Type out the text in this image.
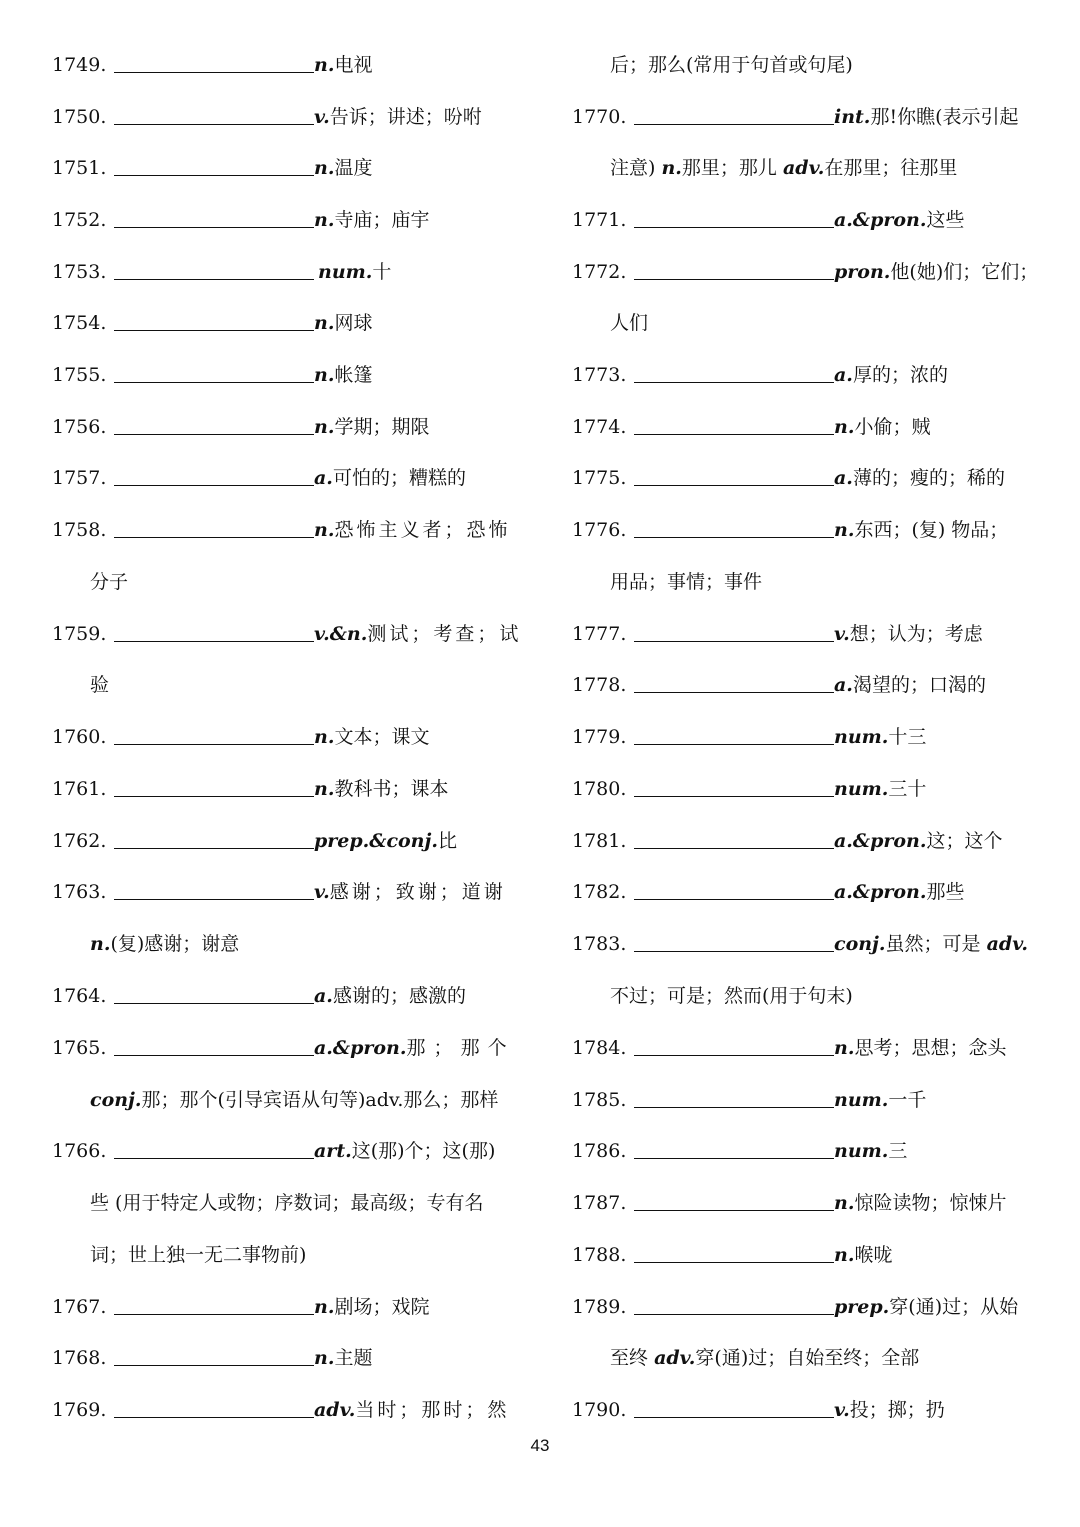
1749.	n.电视
1750.	v.告诉；讲述；吩咐
1751.	n.温度
1752.	n.寺庙；庙宇
1753.	num.十
1754.	n.网球
1755.	n.帐篷
1756.	n.学期；期限
1757.	a.可怕的；糟糕的
1758.	n.恐怖主义者；恐怖
分子
1759.	v.&n.测试；考查；试
验
1760.	n.文本；课文
1761.	n.教科书；课本
1762.	prep.&conj.比
1763.	v.感谢；致谢；道谢
n.(复)感谢；谢意
1764.	a.感谢的；感激的
1765.	a.&pron.那 ； 那 个
conj.那；那个(引导宾语从句等)adv.那么；那样
1766.	art.这(那)个；这(那)
些 (用于特定人或物；序数词；最高级；专有名
词；世上独一无二事物前)
1767.	n.剧场；戏院
1768.	n.主题
1769.	adv.当时；那时；然
后；那么(常用于句首或句尾)
1770.	int.那!你瞧(表示引起
注意) n.那里；那儿 adv.在那里；往那里
1771.	a.&pron.这些
1772.	pron.他(她)们；它们；
人们
1773.	a.厚的；浓的
1774.	n.小偷；贼
1775.	a.薄的；瘦的；稀的
1776.	n.东西；(复) 物品；
用品；事情；事件
1777.	v.想；认为；考虑
1778.	a.渴望的；口渴的
1779.	num.十三
1780.	num.三十
1781.	a.&pron.这；这个
1782.	a.&pron.那些
1783.	conj.虽然；可是 adv.
不过；可是；然而(用于句末)
1784.	n.思考；思想；念头
1785.	num.一千
1786.	num.三
1787.	n.惊险读物；惊悚片
1788.	n.喉咙
1789.	prep.穿(通)过；从始
至终 adv.穿(通)过；自始至终；全部
1790.	v.投；掷；扔
43
